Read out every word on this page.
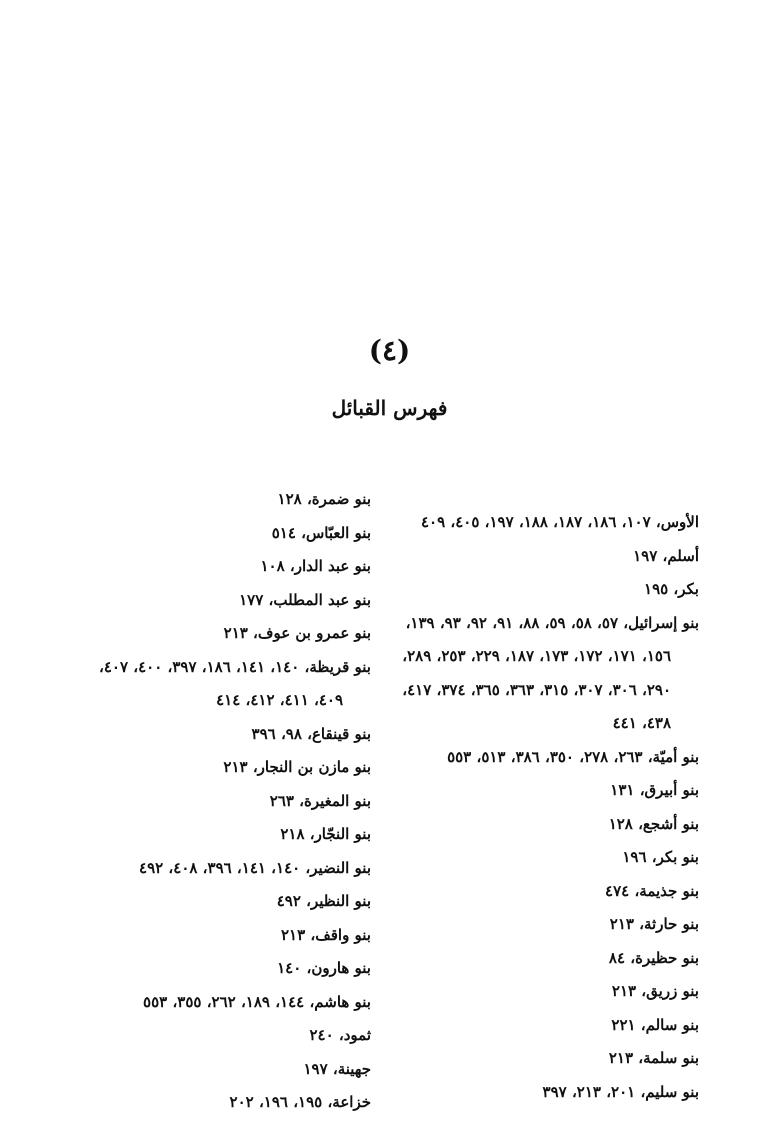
(٤)
فهرس القبائل
الأوس، ١٠٧، ١٨٦، ١٨٧، ١٨٨، ١٩٧، ٤٠٥، ٤٠٩
أسلم، ١٩٧
بكر، ١٩٥
بنو إسرائيل، ٥٧، ٥٨، ٥٩، ٨٨، ٩١، ٩٢، ٩٣، ١٣٩،
١٥٦، ١٧١، ١٧٢، ١٧٣، ١٨٧، ٢٢٩، ٢٥٣، ٢٨٩،
٢٩٠، ٣٠٦، ٣٠٧، ٣١٥، ٣٦٣، ٣٦٥، ٣٧٤، ٤١٧،
٤٣٨، ٤٤١
بنو أميّة، ٢٦٣، ٢٧٨، ٣٥٠، ٣٨٦، ٥١٣، ٥٥٣
بنو أبيرق، ١٣١
بنو أشجع، ١٢٨
بنو بكر، ١٩٦
بنو جذيمة، ٤٧٤
بنو حارثة، ٢١٣
بنو حظيرة، ٨٤
بنو زريق، ٢١٣
بنو سالم، ٢٢١
بنو سلمة، ٢١٣
بنو سليم، ٢٠١، ٢١٣، ٣٩٧
بنو ضمرة، ١٢٨
بنو العبّاس، ٥١٤
بنو عبد الدار، ١٠٨
بنو عبد المطلب، ١٧٧
بنو عمرو بن عوف، ٢١٣
بنو قريظة، ١٤٠، ١٤١، ١٨٦، ٣٩٧، ٤٠٠، ٤٠٧،
٤٠٩، ٤١١، ٤١٢، ٤١٤
بنو قينقاع، ٩٨، ٣٩٦
بنو مازن بن النجار، ٢١٣
بنو المغيرة، ٢٦٣
بنو النجّار، ٢١٨
بنو النضير، ١٤٠، ١٤١، ٣٩٦، ٤٠٨، ٤٩٢
بنو النظير، ٤٩٢
بنو واقف، ٢١٣
بنو هارون، ١٤٠
بنو هاشم، ١٤٤، ١٨٩، ٢٦٢، ٣٥٥، ٥٥٣
ثمود، ٢٤٠
جهينة، ١٩٧
خزاعة، ١٩٥، ١٩٦، ٢٠٢
